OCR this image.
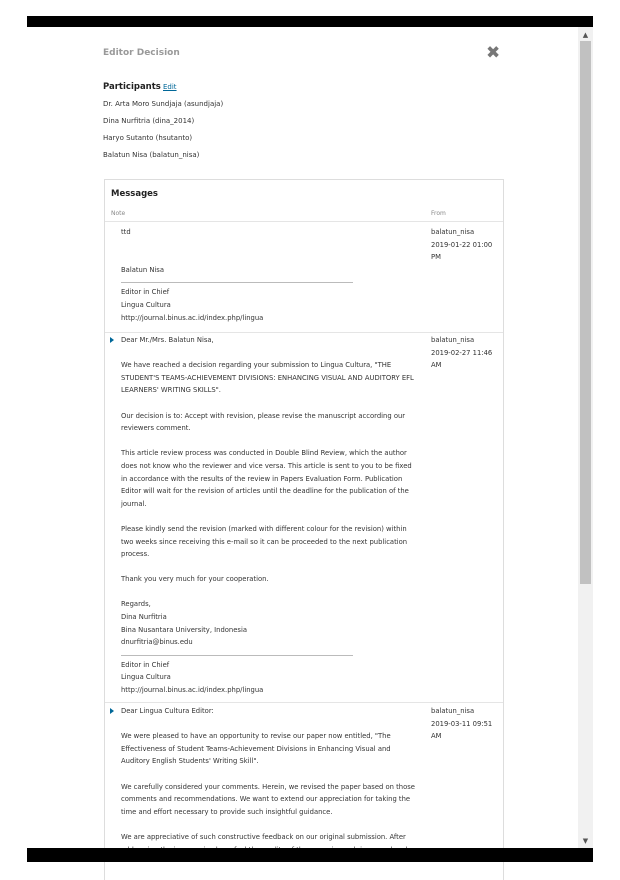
Editor Decision	✖
Participants Edit
Dr. Arta Moro Sundjaja (asundjaja)
Dina Nurfitria (dina_2014)
Haryo Sutanto (hsutanto)
Balatun Nisa (balatun_nisa)
Messages
Note	From
ttd
Balatun Nisa
Editor in Chief
Lingua Cultura
http://journal.binus.ac.id/index.php/lingua
balatun_nisa
2019-01-22 01:00 PM

Dear Mr./Mrs. Balatun Nisa,

We have reached a decision regarding your submission to Lingua Cultura, "THE STUDENT'S TEAMS-ACHIEVEMENT DIVISIONS: ENHANCING VISUAL AND AUDITORY EFL LEARNERS' WRITING SKILLS".

Our decision is to: Accept with revision, please revise the manuscript according our reviewers comment.

This article review process was conducted in Double Blind Review, which the author does not know who the reviewer and vice versa. This article is sent to you to be fixed in accordance with the results of the review in Papers Evaluation Form. Publication Editor will wait for the revision of articles until the deadline for the publication of the journal.

Please kindly send the revision (marked with different colour for the revision) within two weeks since receiving this e-mail so it can be proceeded to the next publication process.

Thank you very much for your cooperation.

Regards,
Dina Nurfitria
Bina Nusantara University, Indonesia
dnurfitria@binus.edu
Editor in Chief
Lingua Cultura
http://journal.binus.ac.id/index.php/lingua
balatun_nisa
2019-02-27 11:46 AM

Dear Lingua Cultura Editor:

We were pleased to have an opportunity to revise our paper now entitled, "The Effectiveness of Student Teams-Achievement Divisions in Enhancing Visual and Auditory English Students' Writing Skill".

We carefully considered your comments. Herein, we revised the paper based on those comments and recommendations. We want to extend our appreciation for taking the time and effort necessary to provide such insightful guidance.

We are appreciative of such constructive feedback on our original submission. After

balatun_nisa
2019-03-11 09:51 AM
▲
▼
